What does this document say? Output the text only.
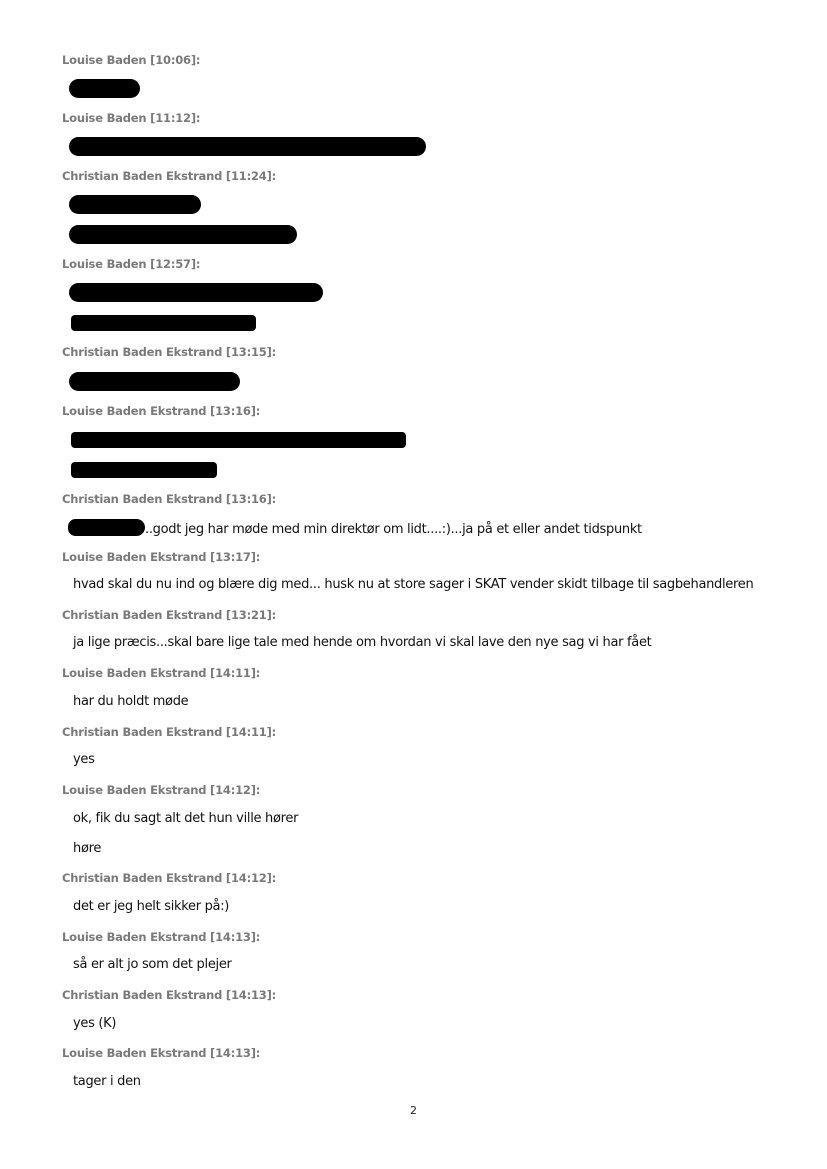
Louise Baden [10:06]:
Louise Baden [11:12]:
Christian Baden Ekstrand [11:24]:
Louise Baden [12:57]:
Christian Baden Ekstrand [13:15]:
Louise Baden Ekstrand [13:16]:
Christian Baden Ekstrand [13:16]:
..godt jeg har møde med min direktør om lidt....:)...ja på et eller andet tidspunkt
Louise Baden Ekstrand [13:17]:
hvad skal du nu ind og blære dig med... husk nu at store sager i SKAT vender skidt tilbage til sagbehandleren
Christian Baden Ekstrand [13:21]:
ja lige præcis...skal bare lige tale med hende om hvordan vi skal lave den nye sag vi har fået
Louise Baden Ekstrand [14:11]:
har du holdt møde
Christian Baden Ekstrand [14:11]:
yes
Louise Baden Ekstrand [14:12]:
ok, fik du sagt alt det hun ville hører
høre
Christian Baden Ekstrand [14:12]:
det er jeg helt sikker på:)
Louise Baden Ekstrand [14:13]:
så er alt jo som det plejer
Christian Baden Ekstrand [14:13]:
yes (K)
Louise Baden Ekstrand [14:13]:
tager i den
2
